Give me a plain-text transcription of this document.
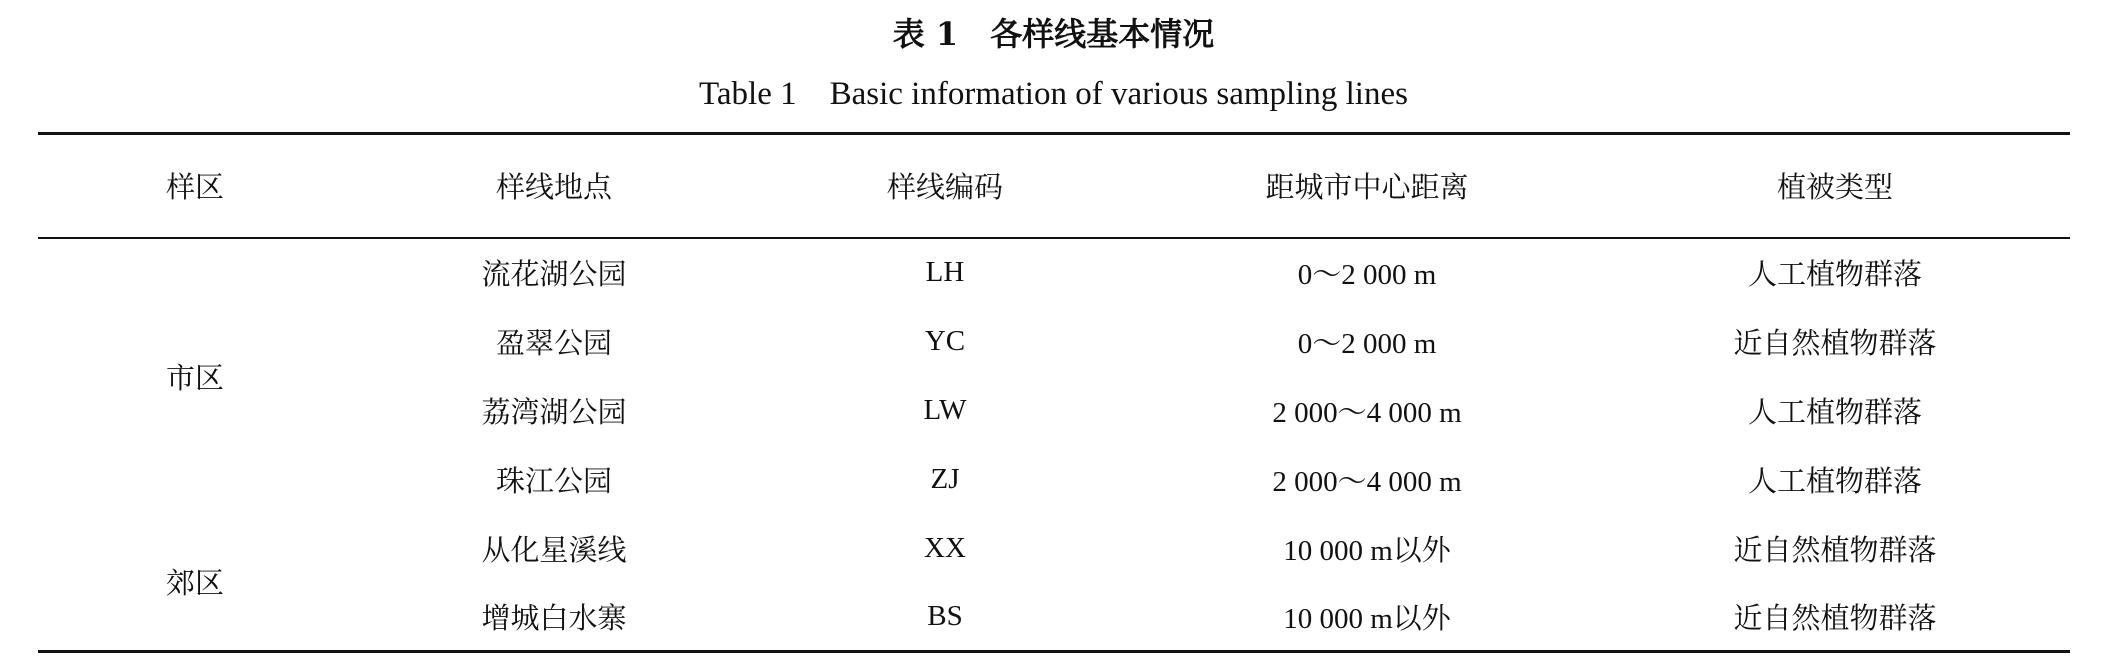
表 1　各样线基本情况
Table 1　Basic information of various sampling lines
样区	样线地点	样线编码	距城市中心距离	植被类型
市区	流花湖公园	LH	0～2 000 m	人工植物群落
	盈翠公园	YC	0～2 000 m	近自然植物群落
	荔湾湖公园	LW	2 000～4 000 m	人工植物群落
	珠江公园	ZJ	2 000～4 000 m	人工植物群落
郊区	从化星溪线	XX	10 000 m以外	近自然植物群落
	增城白水寨	BS	10 000 m以外	近自然植物群落
